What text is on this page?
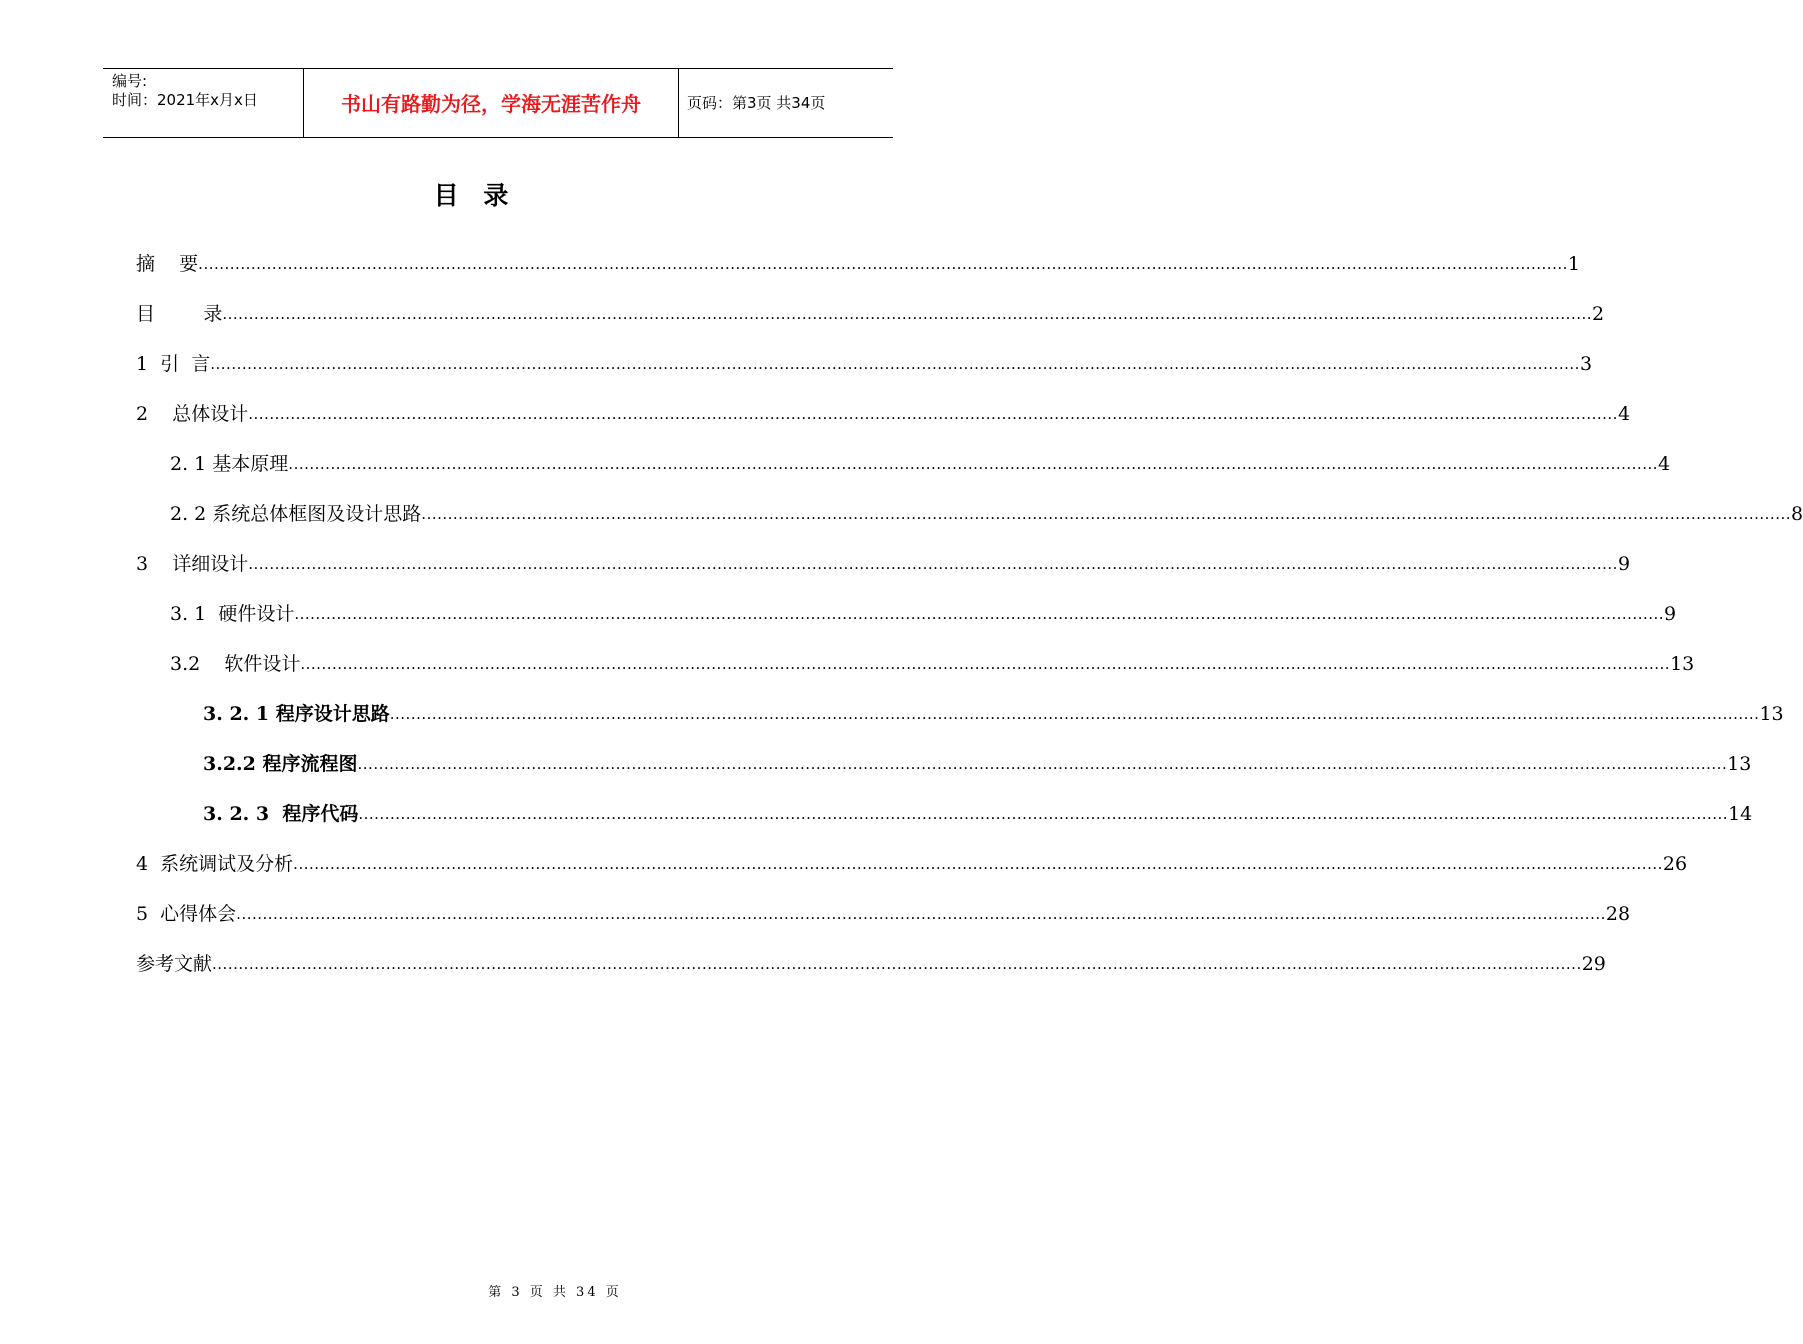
编号:
时间：2021年x月x日	书山有路勤为径，学海无涯苦作舟	页码：第3页 共34页
目 录
摘    要 .................................................................................................................................................................................................................................................................... 1
目        录 .................................................................................................................................................................................................................................................................... 2
1  引  言 .................................................................................................................................................................................................................................................................... 3
2    总体设计 .................................................................................................................................................................................................................................................................... 4
2. 1 基本原理 .................................................................................................................................................................................................................................................................... 4
2. 2 系统总体框图及设计思路 .................................................................................................................................................................................................................................................................... 8
3    详细设计 .................................................................................................................................................................................................................................................................... 9
3. 1  硬件设计 .................................................................................................................................................................................................................................................................... 9
3.2    软件设计 .................................................................................................................................................................................................................................................................... 13
3. 2. 1 程序设计思路 .................................................................................................................................................................................................................................................................... 13
3.2.2 程序流程图 .................................................................................................................................................................................................................................................................... 13
3. 2. 3  程序代码 .................................................................................................................................................................................................................................................................... 14
4  系统调试及分析 .................................................................................................................................................................................................................................................................... 26
5  心得体会 .................................................................................................................................................................................................................................................................... 28
参考文献 .................................................................................................................................................................................................................................................................... 29
第 3 页 共 34 页
